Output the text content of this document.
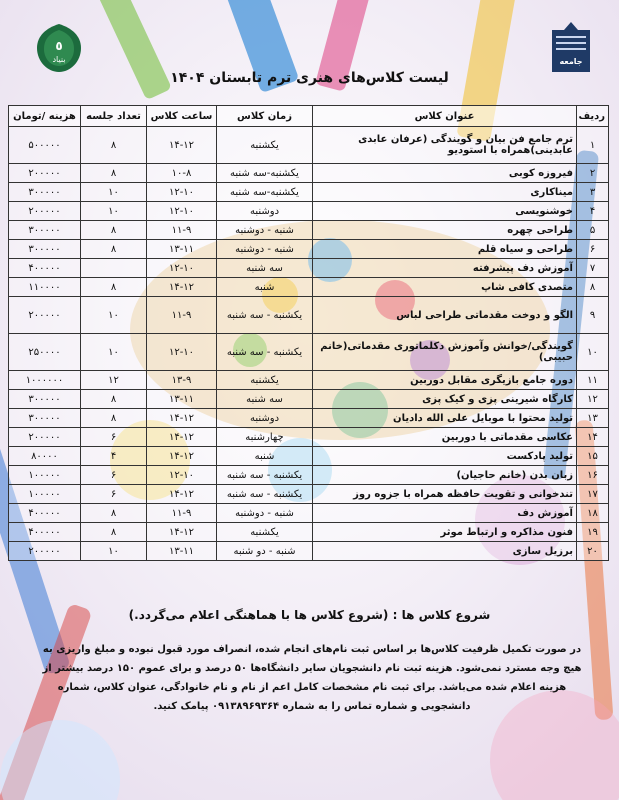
٥
بنیاد	جامعه
لیست کلاس‌های هنری ترم تابستان ۱۴۰۴
ردیف	عنوان کلاس	زمان کلاس	ساعت کلاس	تعداد جلسه	هزینه /تومان
۱	ترم جامع فن بیان و گویندگی (عرفان عابدی عابدینی)همراه با استودیو	یکشنبه	۱۴-۱۲	۸	۵۰۰۰۰۰
۲	فیروزه کوبی	یکشنبه-سه شنبه	۱۰-۸	۸	۲۰۰۰۰۰
۳	میناکاری	یکشنبه-سه شنبه	۱۲-۱۰	۱۰	۳۰۰۰۰۰
۴	خوشنویسی	دوشنبه	۱۲-۱۰	۱۰	۲۰۰۰۰۰
۵	طراحی چهره	شنبه - دوشنبه	۱۱-۹	۸	۳۰۰۰۰۰
۶	طراحی و سیاه قلم	شنبه - دوشنبه	۱۳-۱۱	۸	۳۰۰۰۰۰
۷	آموزش دف پیشرفته	سه شنبه	۱۲-۱۰		۴۰۰۰۰۰
۸	متصدی کافی شاپ	شنبه	۱۴-۱۲	۸	۱۱۰۰۰۰
۹	الگو و دوخت مقدماتی طراحی لباس	یکشنبه - سه شنبه	۱۱-۹	۱۰	۲۰۰۰۰۰
۱۰	گویندگی/خوانش وآموزش دکلماتوری مقدماتی(خانم حبیبی)	یکشنبه - سه شنبه	۱۲-۱۰	۱۰	۲۵۰۰۰۰
۱۱	دوره جامع بازیگری مقابل دوربین	یکشنبه	۱۳-۹	۱۲	۱۰۰۰۰۰۰
۱۲	کارگاه شیرینی پزی و کیک پزی	سه شنبه	۱۳-۱۱	۸	۳۰۰۰۰۰
۱۳	تولید محتوا با موبایل علی الله دادیان	دوشنبه	۱۴-۱۲	۸	۳۰۰۰۰۰
۱۴	عکاسی مقدماتی با دوربین	چهارشنبه	۱۴-۱۲	۶	۲۰۰۰۰۰
۱۵	تولید پادکست	شنبه	۱۴-۱۲	۴	۸۰۰۰۰
۱۶	زبان بدن (خانم حاجیان)	یکشنبه - سه شنبه	۱۲-۱۰	۶	۱۰۰۰۰۰
۱۷	تندخوانی و تقویت حافظه همراه با جزوه روز	یکشنبه - سه شنبه	۱۴-۱۲	۶	۱۰۰۰۰۰
۱۸	آموزش دف	شنبه - دوشنبه	۱۱-۹	۸	۴۰۰۰۰۰
۱۹	فنون مذاکره و ارتباط موثر	یکشنبه	۱۴-۱۲	۸	۴۰۰۰۰۰
۲۰	برزیل سازی	شنبه - دو شنبه	۱۳-۱۱	۱۰	۲۰۰۰۰۰
شروع کلاس ها : (شروع کلاس ها با هماهنگی اعلام می‌گردد.)
در صورت تکمیل ظرفیت کلاس‌ها بر اساس ثبت نام‌های انجام شده، انصراف مورد قبول نبوده و مبلغ واریزی به
هیچ وجه مسترد نمی‌شود. هزینه ثبت نام دانشجویان سایر دانشگاه‌ها ۵۰ درصد و برای عموم ۱۵۰ درصد بیشتر از
هزینه اعلام شده می‌باشد. برای ثبت نام مشخصات کامل اعم از نام و نام خانوادگی، عنوان کلاس، شماره
دانشجویی و شماره تماس را به شماره ۰۹۱۳۸۹۶۹۳۶۴ پیامک کنید.
